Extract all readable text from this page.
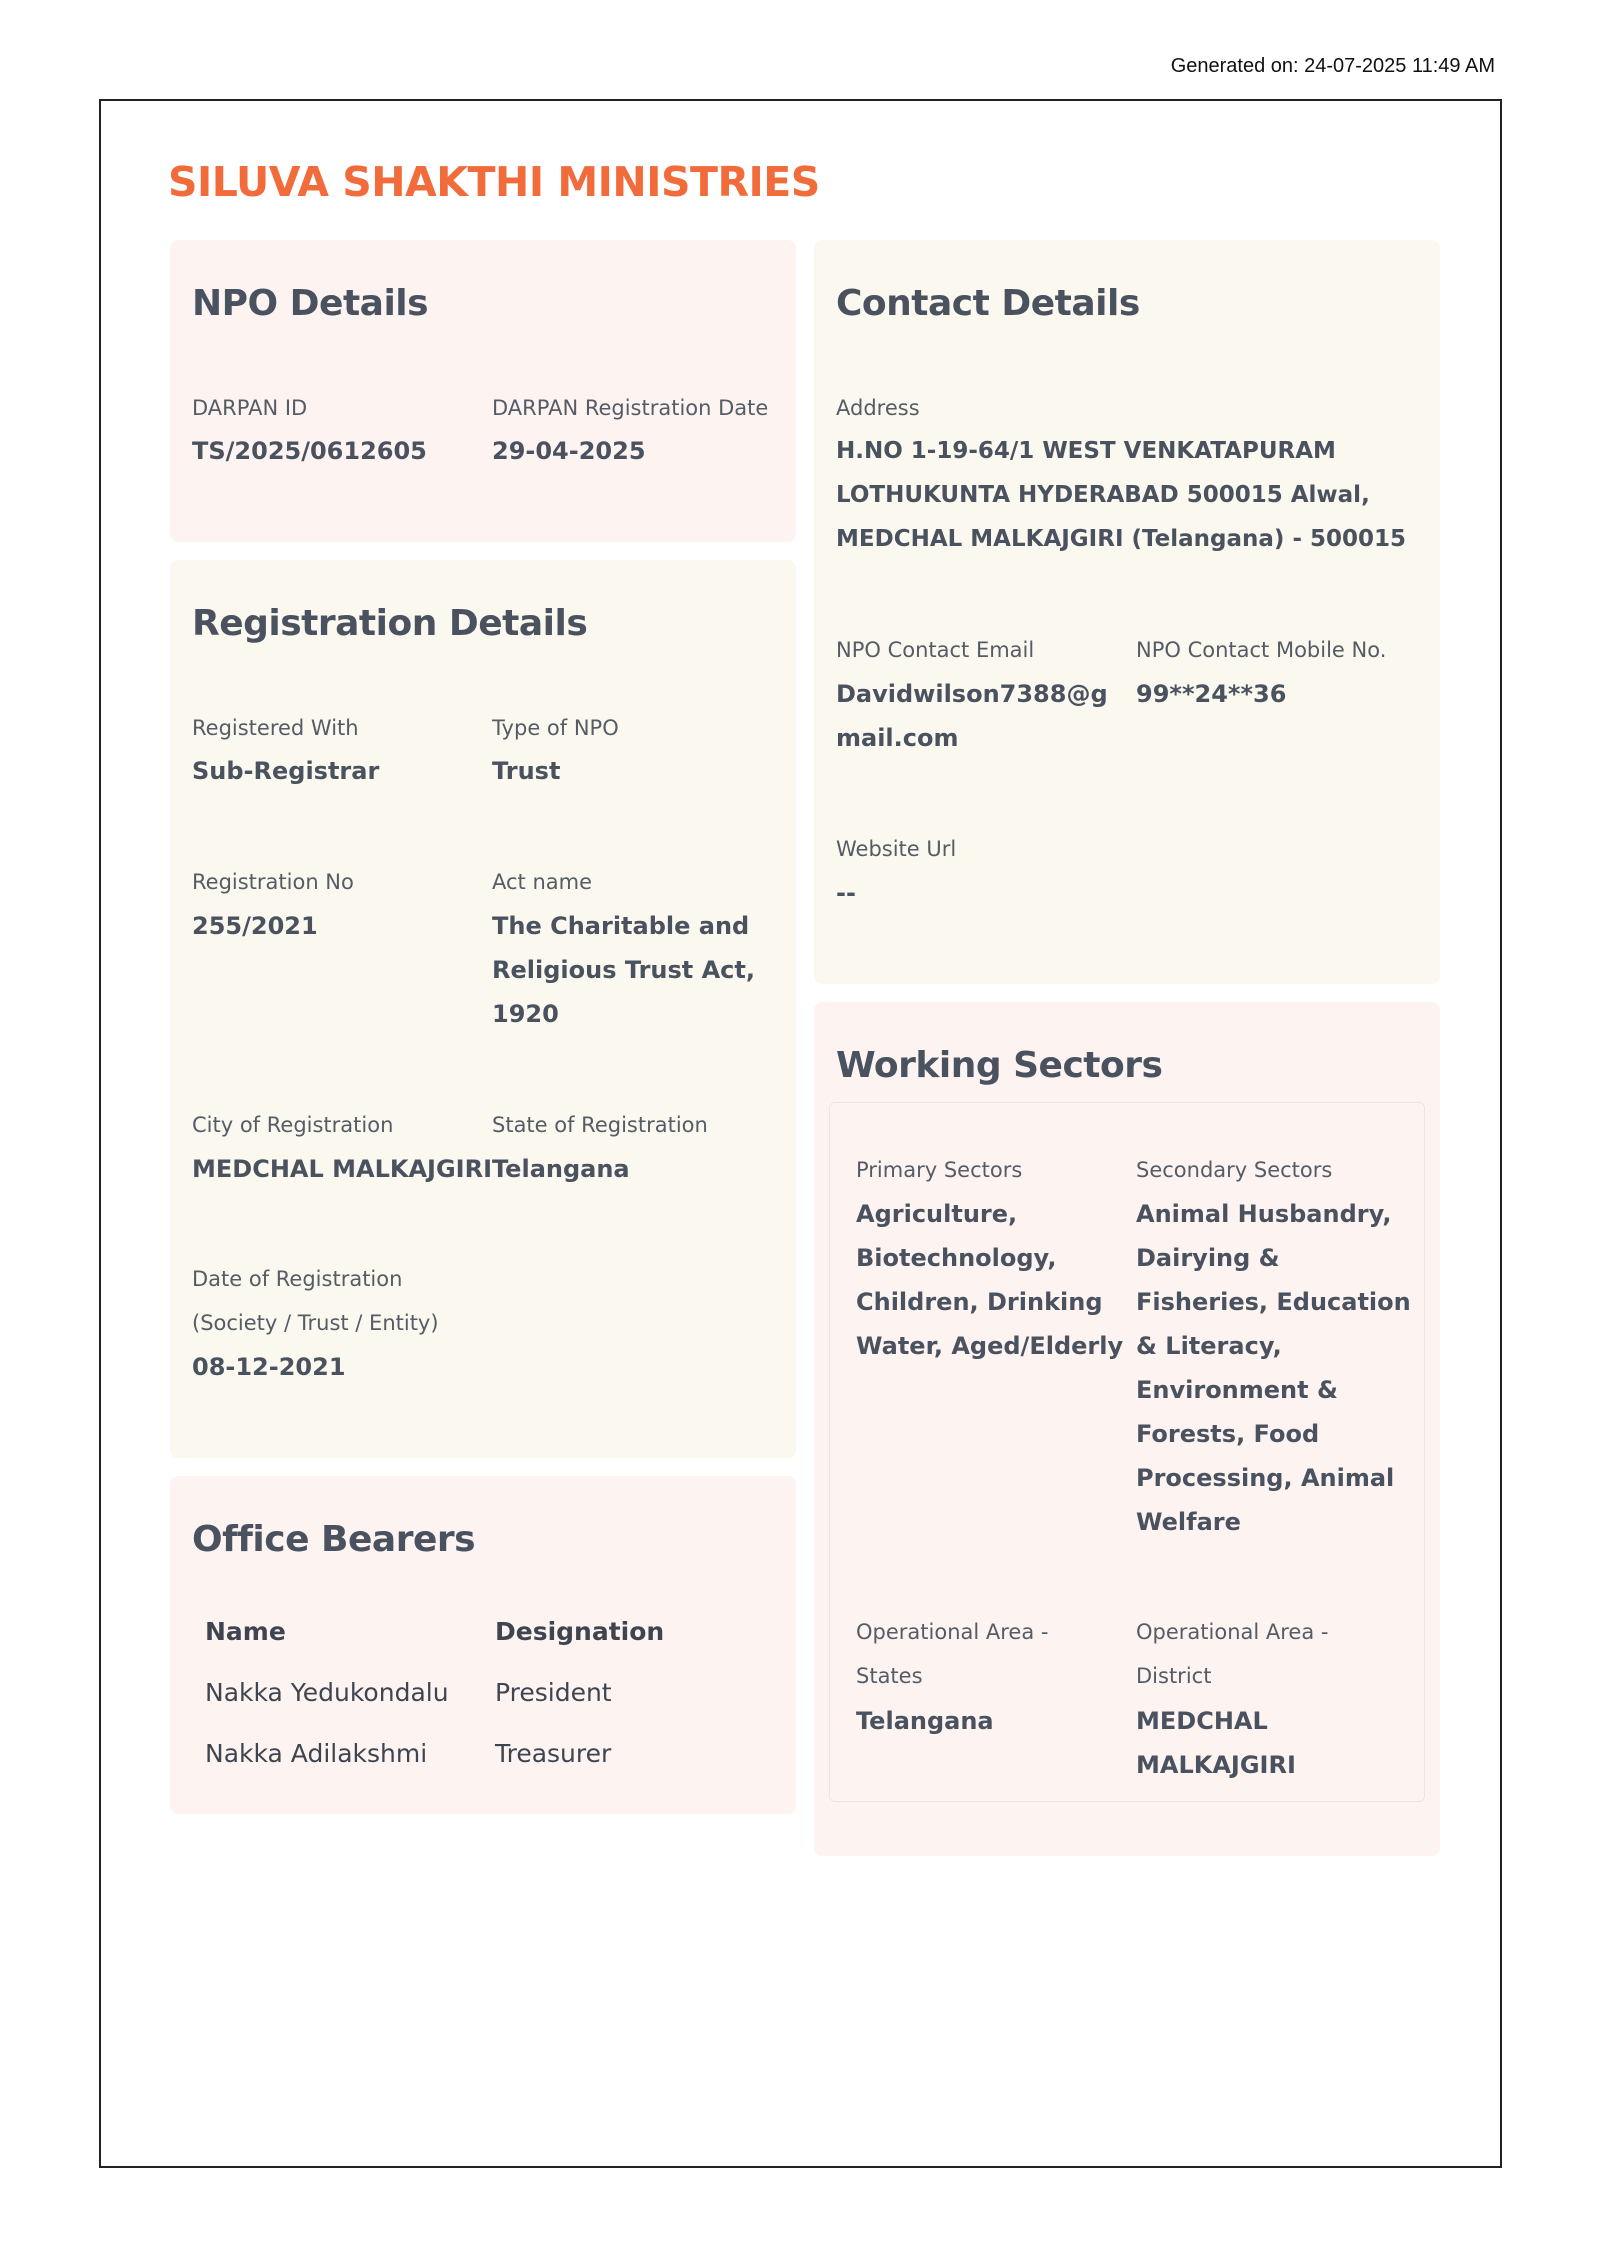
Generated on: 24-07-2025 11:49 AM
SILUVA SHAKTHI MINISTRIES
NPO Details
DARPAN ID
TS/2025/0612605
DARPAN Registration Date
29-04-2025
Registration Details
Registered With
Sub-Registrar
Type of NPO
Trust
Registration No
255/2021
Act name
The Charitable and
Religious Trust Act,
1920
City of Registration
MEDCHAL MALKAJGIRI
State of Registration
Telangana
Date of Registration
(Society / Trust / Entity)
08-12-2021
Office Bearers
Name	Designation
Nakka Yedukondalu President
Nakka Adilakshmi	Treasurer
Contact Details
Address
H.NO 1-19-64/1 WEST VENKATAPURAM
LOTHUKUNTA HYDERABAD 500015 Alwal,
MEDCHAL MALKAJGIRI (Telangana) - 500015
NPO Contact Email
Davidwilson7388@g
mail.com
NPO Contact Mobile No.
99**24**36
Website Url
--
Working Sectors
Primary Sectors
Agriculture,
Biotechnology,
Children, Drinking
Water, Aged/Elderly
Secondary Sectors
Animal Husbandry,
Dairying &
Fisheries, Education
& Literacy,
Environment &
Forests, Food
Processing, Animal
Welfare
Operational Area -
States
Telangana
Operational Area -
District
MEDCHAL
MALKAJGIRI
